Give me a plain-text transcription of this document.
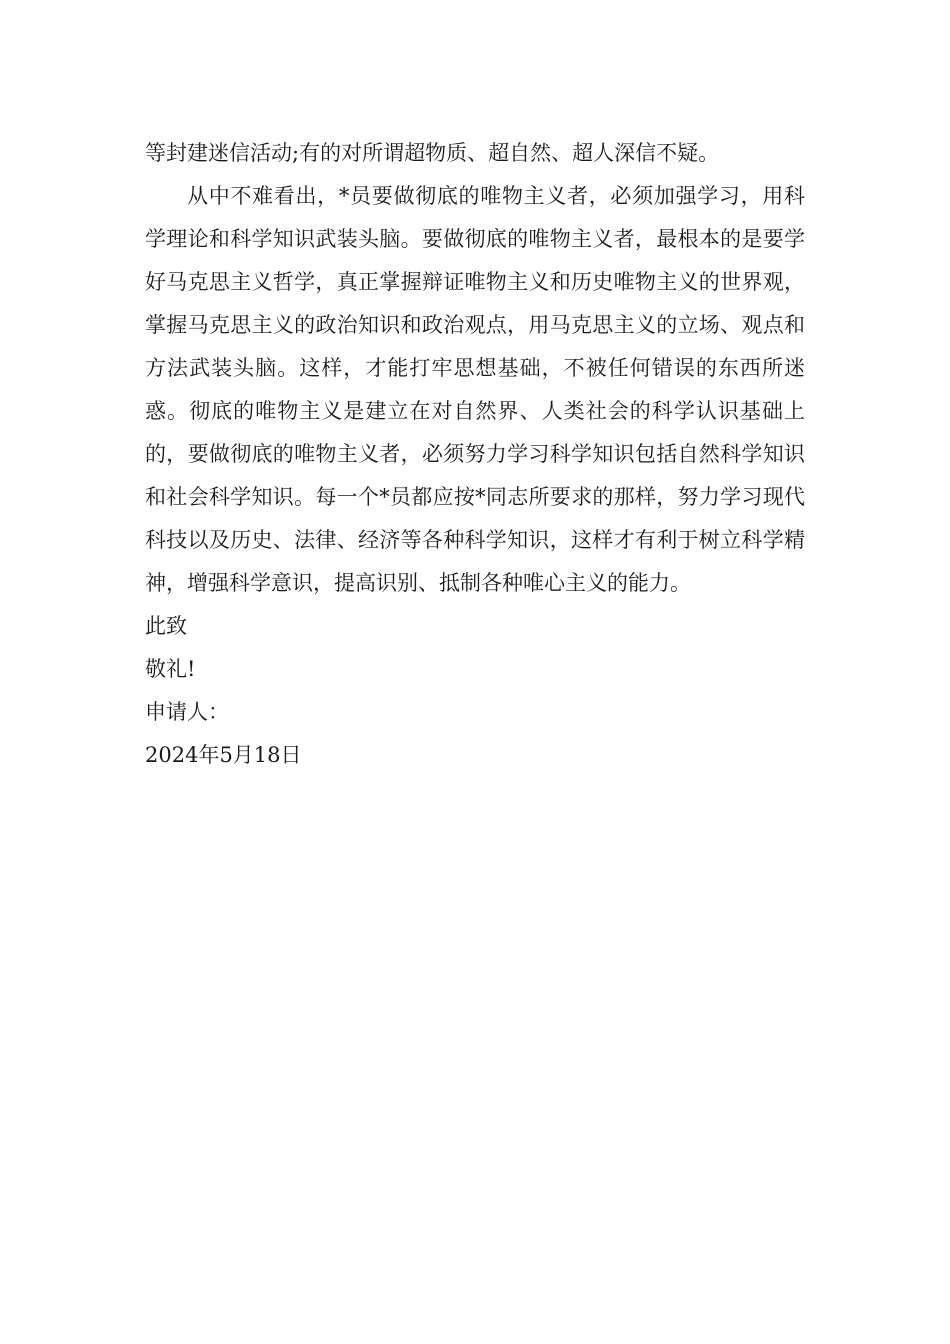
等封建迷信活动;有的对所谓超物质、超自然、超人深信不疑。

从中不难看出，*员要做彻底的唯物主义者，必须加强学习，用科学理论和科学知识武装头脑。要做彻底的唯物主义者，最根本的是要学好马克思主义哲学，真正掌握辩证唯物主义和历史唯物主义的世界观，掌握马克思主义的政治知识和政治观点，用马克思主义的立场、观点和方法武装头脑。这样，才能打牢思想基础，不被任何错误的东西所迷惑。彻底的唯物主义是建立在对自然界、人类社会的科学认识基础上的，要做彻底的唯物主义者，必须努力学习科学知识包括自然科学知识和社会科学知识。每一个*员都应按*同志所要求的那样，努力学习现代科技以及历史、法律、经济等各种科学知识，这样才有利于树立科学精神，增强科学意识，提高识别、抵制各种唯心主义的能力。

此致

敬礼!

申请人：

2024年5月18日
